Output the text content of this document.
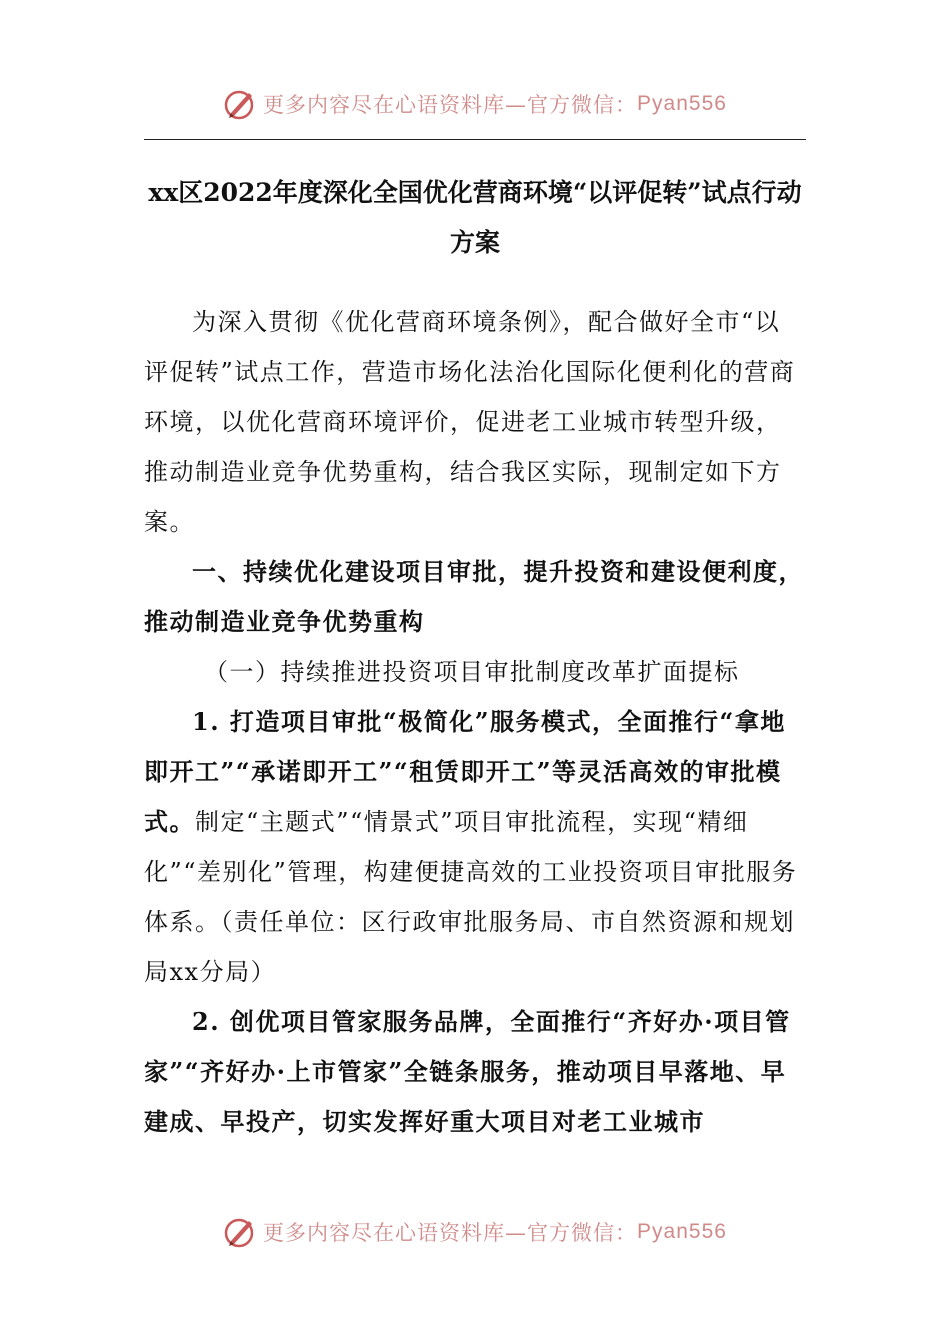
更多内容尽在心语资料库—官方微信： Pyan556
xx区2022年度深化全国优化营商环境“以评促转”试点行动方案

为深入贯彻《优化营商环境条例》，配合做好全市“以评促转”试点工作，营造市场化法治化国际化便利化的营商环境，以优化营商环境评价，促进老工业城市转型升级，推动制造业竞争优势重构，结合我区实际，现制定如下方案。

一、持续优化建设项目审批，提升投资和建设便利度，推动制造业竞争优势重构

（一）持续推进投资项目审批制度改革扩面提标

1. 打造项目审批“极简化”服务模式，全面推行“拿地即开工”“承诺即开工”“租赁即开工”等灵活高效的审批模式。制定“主题式”“情景式”项目审批流程，实现“精细化”“差别化”管理，构建便捷高效的工业投资项目审批服务体系。（责任单位：区行政审批服务局、市自然资源和规划局xx分局）

2. 创优项目管家服务品牌，全面推行“齐好办·项目管家”“齐好办·上市管家”全链条服务，推动项目早落地、早建成、早投产，切实发挥好重大项目对老工业城市

更多内容尽在心语资料库—官方微信： Pyan556
